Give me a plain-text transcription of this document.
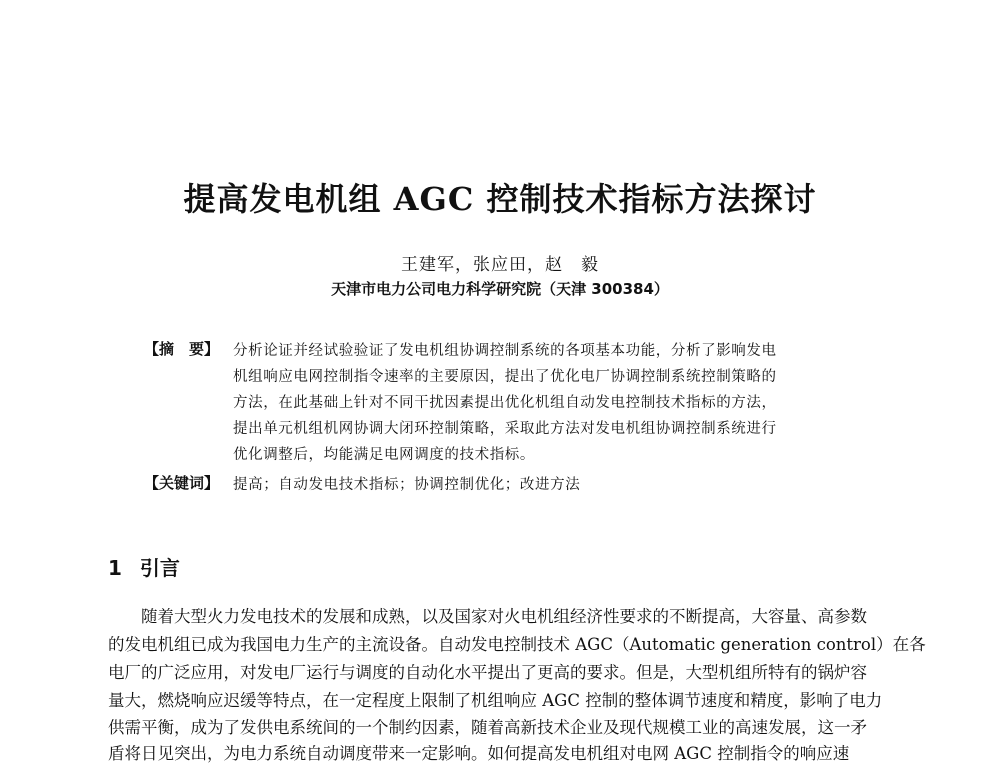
提高发电机组 AGC 控制技术指标方法探讨
王建军，张应田，赵　毅
天津市电力公司电力科学研究院（天津 300384）
【摘　要】 分析论证并经试验验证了发电机组协调控制系统的各项基本功能，分析了影响发电
机组响应电网控制指令速率的主要原因，提出了优化电厂协调控制系统控制策略的
方法，在此基础上针对不同干扰因素提出优化机组自动发电控制技术指标的方法，
提出单元机组机网协调大闭环控制策略，采取此方法对发电机组协调控制系统进行
优化调整后，均能满足电网调度的技术指标。
【关键词】 提高；自动发电技术指标；协调控制优化；改进方法
1 引言
　　随着大型火力发电技术的发展和成熟，以及国家对火电机组经济性要求的不断提高，大容量、高参数
的发电机组已成为我国电力生产的主流设备。自动发电控制技术 AGC（Automatic generation control）在各
电厂的广泛应用，对发电厂运行与调度的自动化水平提出了更高的要求。但是，大型机组所特有的锅炉容
量大，燃烧响应迟缓等特点，在一定程度上限制了机组响应 AGC 控制的整体调节速度和精度，影响了电力
供需平衡，成为了发供电系统间的一个制约因素，随着高新技术企业及现代规模工业的高速发展，这一矛
盾将日见突出，为电力系统自动调度带来一定影响。如何提高发电机组对电网 AGC 控制指令的响应速
